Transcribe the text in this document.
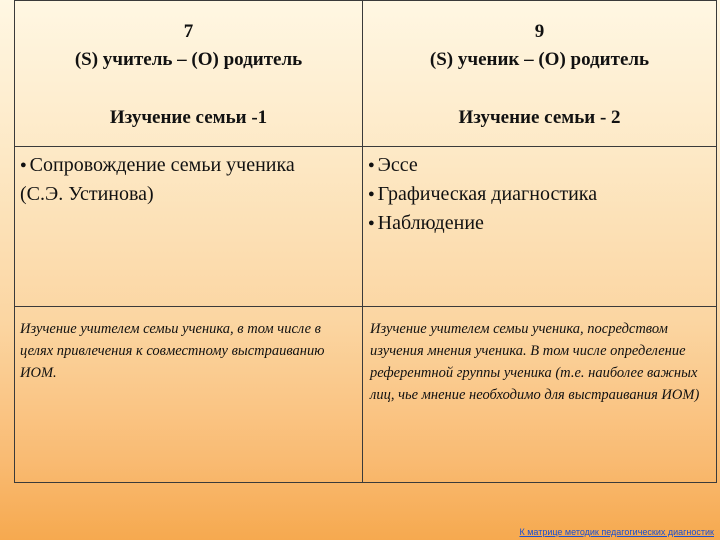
7
(S) учитель – (О) родитель
9
(S) ученик – (О) родитель
Изучение семьи -1	Изучение семьи - 2
● Сопровождение семьи ученика
(С.Э. Устинова)
● Эссе
● Графическая диагностика
● Наблюдение
Изучение учителем семьи ученика, в том числе в целях привлечения к совместному выстраиванию ИОМ.
Изучение учителем семьи ученика, посредством изучения мнения ученика. В том числе определение референтной группы ученика (т.е. наиболее важных лиц, чье мнение необходимо для выстраивания ИОМ)
К матрице методик педагогических диагностик
